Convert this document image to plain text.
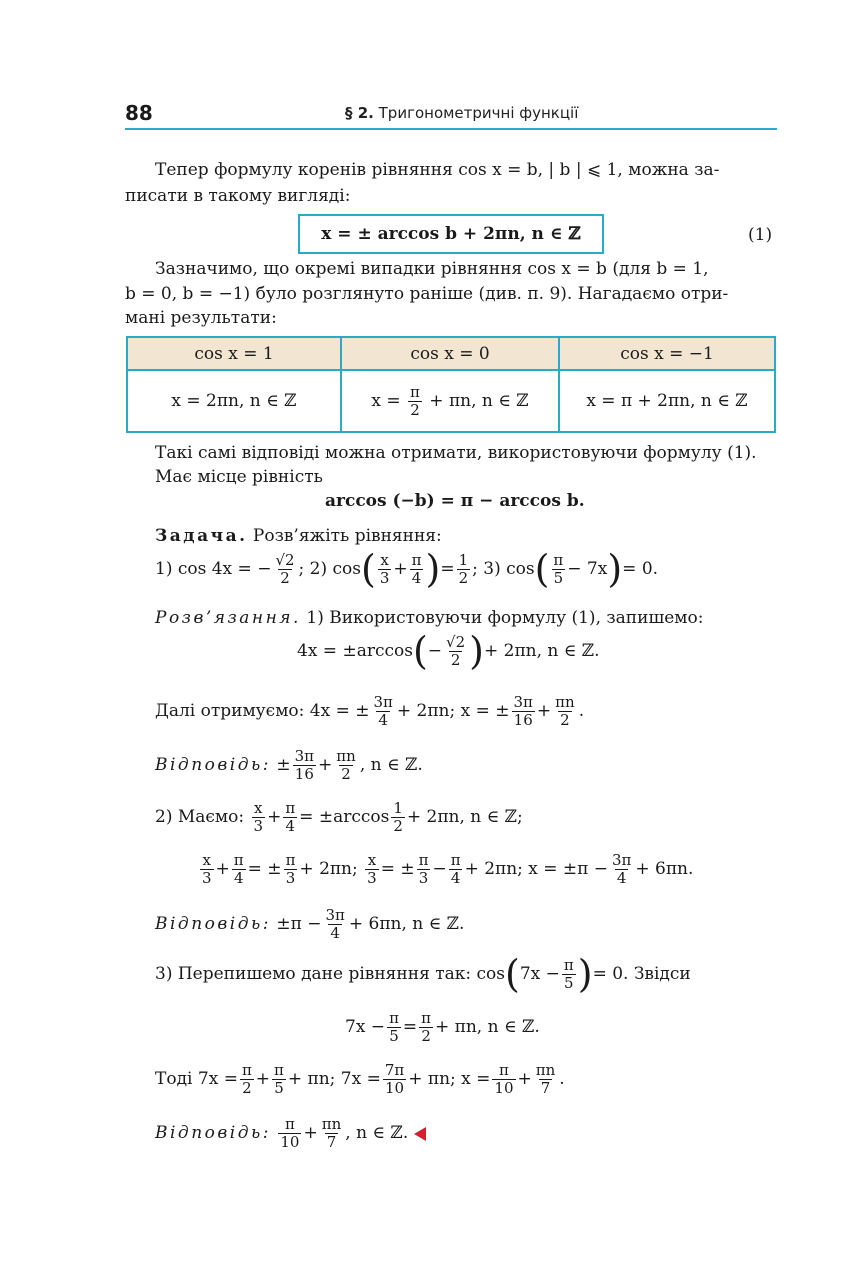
88	§ 2. Тригонометричні функції
Тепер формулу коренів рівняння cos x = b, | b | ⩽ 1, можна за-
писати в такому вигляді:
x = ± arccos b + 2πn, n ∈ ℤ	(1)
Зазначимо, що окремі випадки рівняння cos x = b (для b = 1,
b = 0, b = −1) було розглянуто раніше (див. п. 9). Нагадаємо отри-
мані результати:
cos x = 1	cos x = 0	cos x = −1
x = 2πn, n ∈ ℤ	$x = \frac{\pi}{2} + \pi n$, n ∈ ℤ	x = π + 2πn, n ∈ ℤ
Такі самі відповіді можна отримати, використовуючи формулу (1).
Має місце рівність
arccos (−b) = π − arccos b.
Задача. Розв’яжіть рівняння:
1) cos 4x = − $\frac{√2}{2}$ ; 2) cos ( $\frac{x}{3} + \frac{\pi}{4}$ ) = $\frac{1}{2}$ ; 3) cos ( $\frac{\pi}{5} - 7x$ ) = 0.
Розв’язання. 1) Використовуючи формулу (1), запишемо:
4x = ±arccos ( − $\frac{√2}{2}$ ) + 2πn, n ∈ ℤ.
Далі отримуємо: 4x = ± $\frac{3\pi}{4} + 2\pi n$; x = ± $\frac{3\pi}{16} + \frac{\pi n}{2}$ .
Відповідь:
± $\frac{3\pi}{16} + \frac{\pi n}{2}$ , n ∈ ℤ.
2) Маємо:
$\frac{x}{3} + \frac{\pi}{4} = \pm\arccos \frac{1}{2} + 2\pi n$, n ∈ ℤ;
$\frac{x}{3} + \frac{\pi}{4}$ = ± $\frac{\pi}{3} + 2\pi n$;
$\frac{x}{3}$ = ± $\frac{\pi}{3} - \frac{\pi}{4} + 2\pi n$; $x = \pm\pi - \frac{3\pi}{4} + 6\pi n$.
Відповідь:
$\pm\pi - \frac{3\pi}{4} + 6\pi n$, n ∈ ℤ.
3) Перепишемо дане рівняння так: cos ( $7x - \frac{\pi}{5}$ ) = 0. Звідси
$7x - \frac{\pi}{5} = \frac{\pi}{2} + \pi n$, n ∈ ℤ.
Тоді $7x = \frac{\pi}{2} + \frac{\pi}{5} + \pi n$; $7x = \frac{7\pi}{10} + \pi n$; $x = \frac{\pi}{10} + \frac{\pi n}{7}$ .
Відповідь:
$\frac{\pi}{10} + \frac{\pi n}{7}$ , n ∈ ℤ.
